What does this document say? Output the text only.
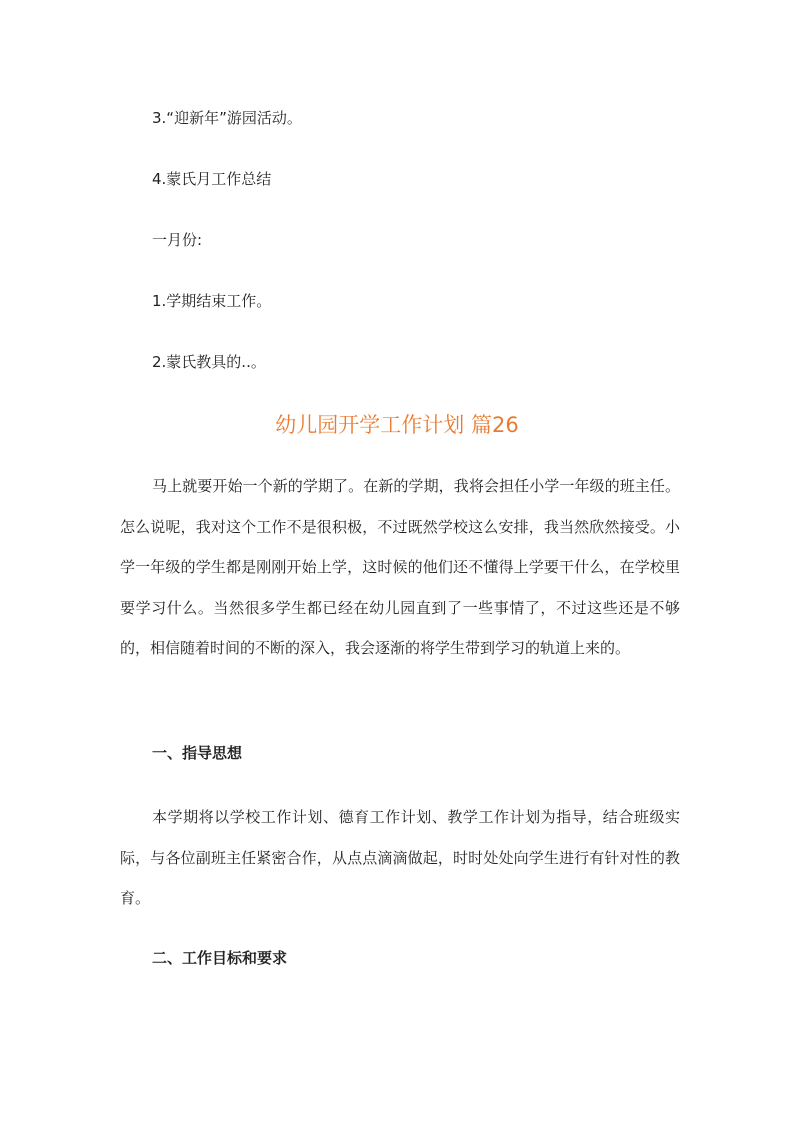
3.“迎新年”游园活动。
4.蒙氏月工作总结
一月份:
1.学期结束工作。
2.蒙氏教具的..。
幼儿园开学工作计划 篇26
马上就要开始一个新的学期了。在新的学期，我将会担任小学一年级的班主任。怎么说呢，我对这个工作不是很积极，不过既然学校这么安排，我当然欣然接受。小学一年级的学生都是刚刚开始上学，这时候的他们还不懂得上学要干什么，在学校里要学习什么。当然很多学生都已经在幼儿园直到了一些事情了，不过这些还是不够的，相信随着时间的不断的深入，我会逐渐的将学生带到学习的轨道上来的。
一、指导思想
本学期将以学校工作计划、德育工作计划、教学工作计划为指导，结合班级实际，与各位副班主任紧密合作，从点点滴滴做起，时时处处向学生进行有针对性的教育。
二、工作目标和要求
